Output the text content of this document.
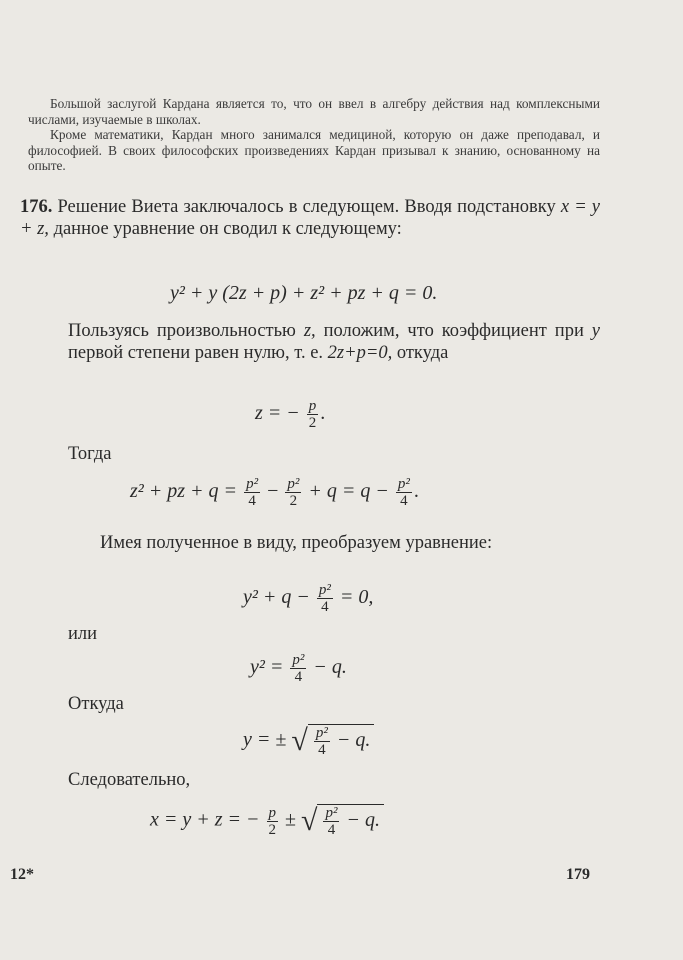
Большой заслугой Кардана является то, что он ввел в алгебру действия над комплексными числами, изучаемые в школах.

Кроме математики, Кардан много занимался медициной, которую он даже преподавал, и философией. В своих философских произведениях Кардан призывал к знанию, основанному на опыте.

176. Решение Виета заключалось в следующем. Вводя подстановку x = y + z, данное уравнение он сводил к следующему:
y² + y (2z + p) + z² + pz + q = 0.
Пользуясь произвольностью z, положим, что коэффициент при y первой степени равен нулю, т. е. 2z+p=0, откуда
z = − $\frac{p}{2}$ .
Тогда
z² + pz + $q = \frac{\text{p²}}{4} - \frac{\text{p²}}{2} + q = q - \frac{\text{p²}}{4}$ .
Имея полученное в виду, преобразуем уравнение:
$y^2 + q - \frac{\text{p²}}{4} = 0$,
или
$y^2 = \frac{\text{p²}}{4} - q$.
Откуда
y = ± √ $\frac{\text{p²}}{4} - q$.
Следовательно,
x = y + z = − $\frac{p}{2}$ ± √ $\frac{\text{p²}}{4} - q$.
12*	179
